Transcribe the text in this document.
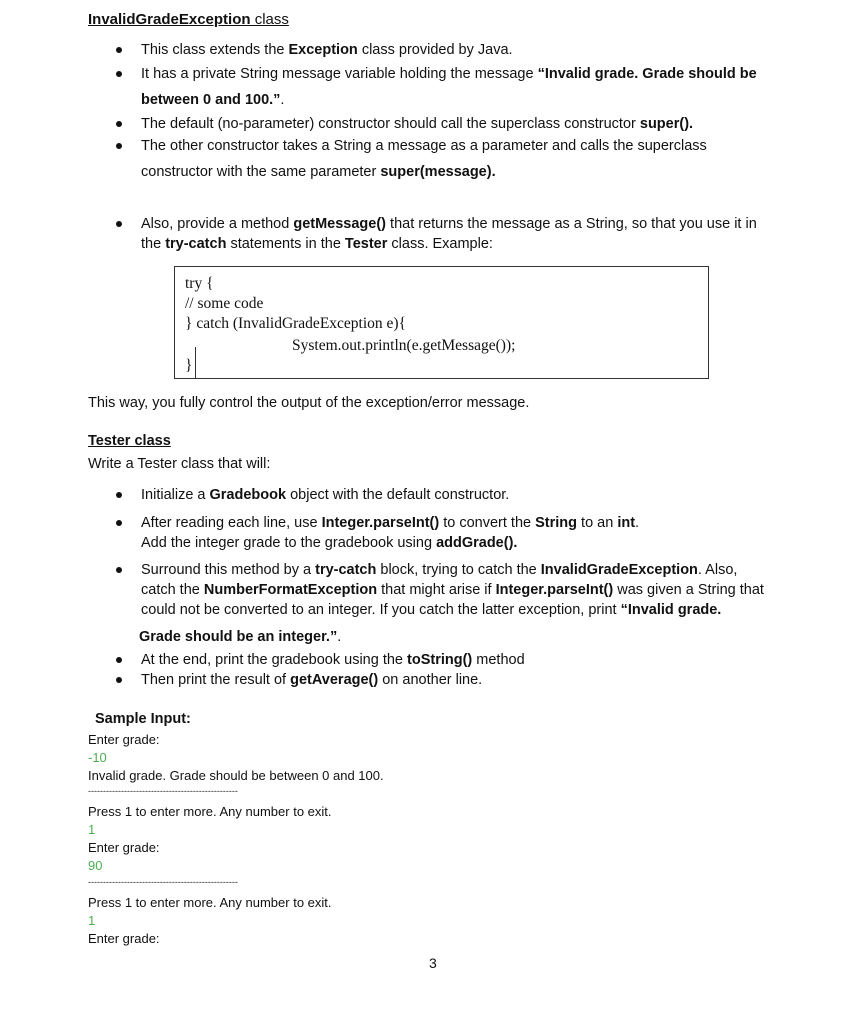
InvalidGradeException class
This class extends the Exception class provided by Java.
It has a private String message variable holding the message “Invalid grade. Grade should be
between 0 and 100.”.
The default (no-parameter) constructor should call the superclass constructor super().
The other constructor takes a String a message as a parameter and calls the superclass
constructor with the same parameter super(message).
Also, provide a method getMessage() that returns the message as a String, so that you use it in
the try-catch statements in the Tester class. Example:
try {
// some code
} catch (InvalidGradeException e){
System.out.println(e.getMessage());
}
This way, you fully control the output of the exception/error message.
Tester class
Write a Tester class that will:
Initialize a Gradebook object with the default constructor.
After reading each line, use Integer.parseInt() to convert the String to an int.
Add the integer grade to the gradebook using addGrade().
Surround this method by a try-catch block, trying to catch the InvalidGradeException. Also,
catch the NumberFormatException that might arise if Integer.parseInt() was given a String that
could not be converted to an integer. If you catch the latter exception, print “Invalid grade.
Grade should be an integer.”.
At the end, print the gradebook using the toString() method
Then print the result of getAverage() on another line.
Sample Input:
Enter grade:
-10
Invalid grade. Grade should be between 0 and 100.
--------------------------------------------------
Press 1 to enter more. Any number to exit.
1
Enter grade:
90
--------------------------------------------------
Press 1 to enter more. Any number to exit.
1
Enter grade:
3
